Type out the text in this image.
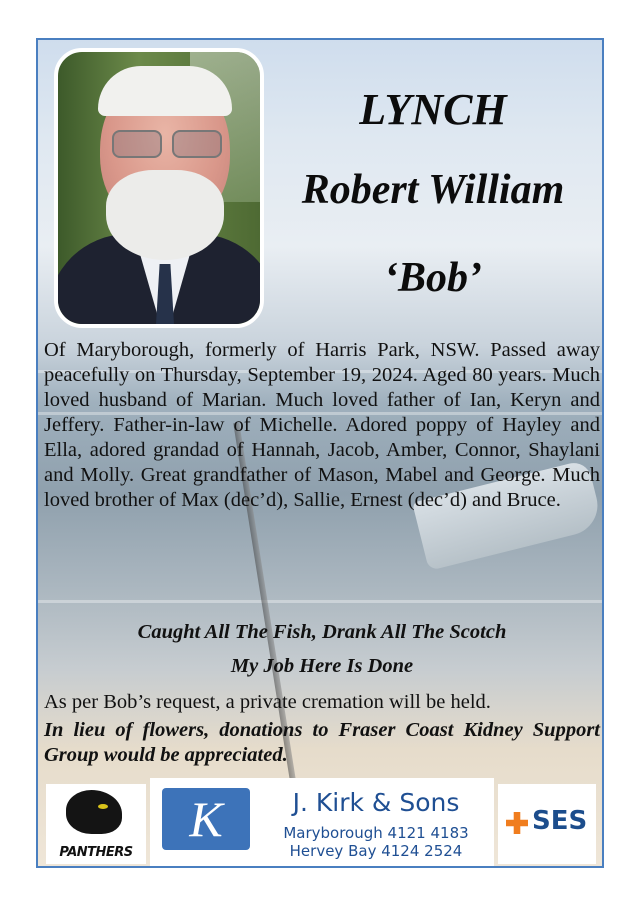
LYNCH
Robert William
‘Bob’
Of Maryborough, formerly of Harris Park, NSW. Passed away peacefully on Thursday, September 19, 2024. Aged 80 years. Much loved husband of Marian. Much loved father of Ian, Keryn and Jeffery. Father-in-law of Michelle. Adored poppy of Hayley and Ella, adored grandad of Hannah, Jacob, Amber, Connor, Shaylani and Molly. Great grandfather of Mason, Mabel and George. Much loved brother of Max (dec’d), Sallie, Ernest (dec’d) and Bruce.
Caught All The Fish, Drank All The Scotch
My Job Here Is Done
As per Bob’s request, a private cremation will be held.
In lieu of flowers, donations to Fraser Coast Kidney Support Group would be appreciated.
PANTHERS
K	J. Kirk & Sons
Maryborough 4121 4183
Hervey Bay 4124 2524
SES
